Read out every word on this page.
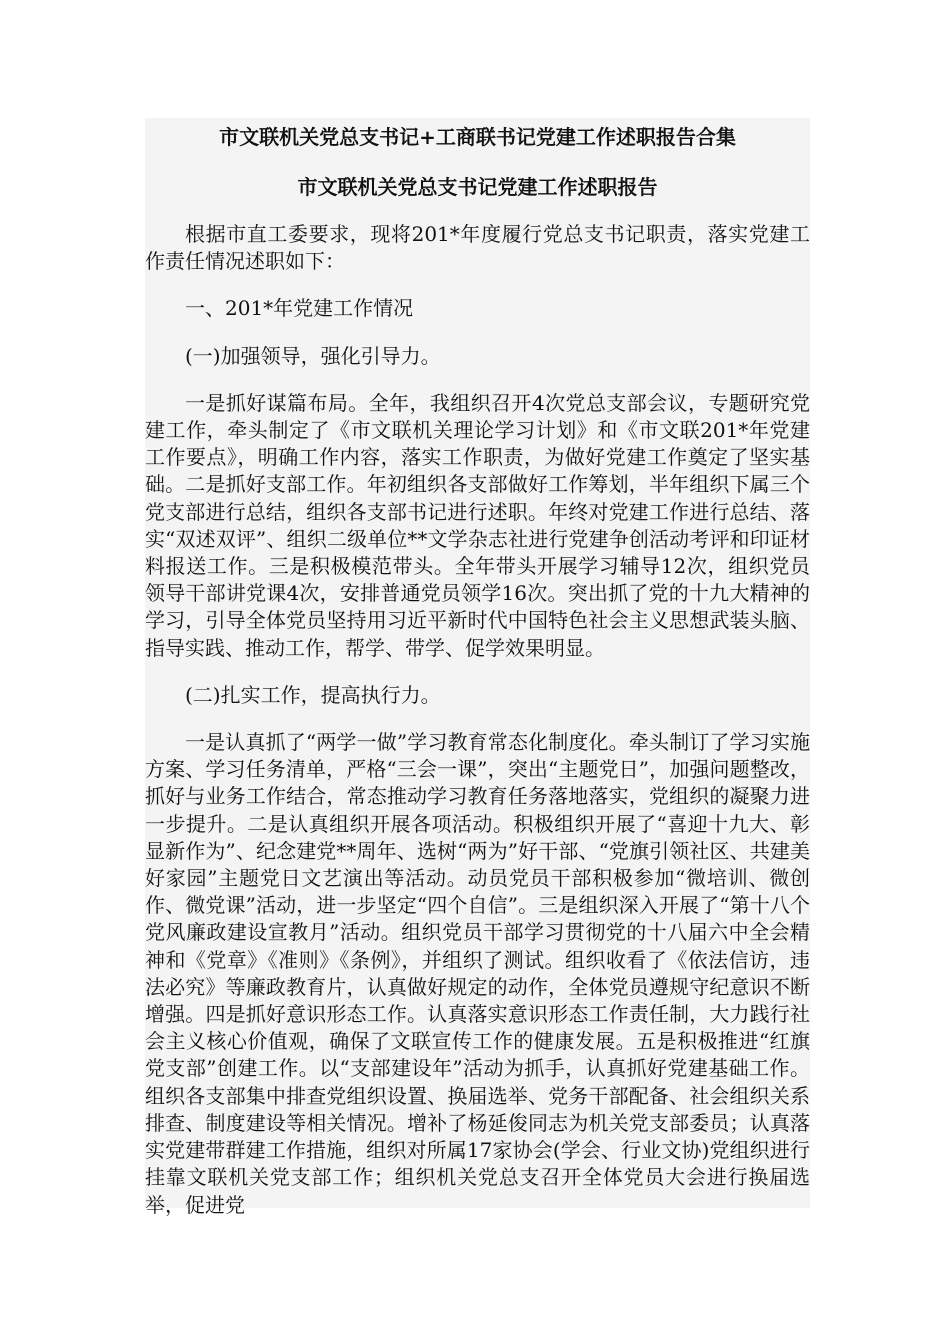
市文联机关党总支书记+工商联书记党建工作述职报告合集
市文联机关党总支书记党建工作述职报告

根据市直工委要求，现将201*年度履行党总支书记职责，落实党建工作责任情况述职如下：

一、201*年党建工作情况

(一)加强领导，强化引导力。

一是抓好谋篇布局。全年，我组织召开4次党总支部会议，专题研究党建工作，牵头制定了《市文联机关理论学习计划》和《市文联201*年党建工作要点》，明确工作内容，落实工作职责，为做好党建工作奠定了坚实基础。二是抓好支部工作。年初组织各支部做好工作筹划，半年组织下属三个党支部进行总结，组织各支部书记进行述职。年终对党建工作进行总结、落实“双述双评”、组织二级单位**文学杂志社进行党建争创活动考评和印证材料报送工作。三是积极模范带头。全年带头开展学习辅导12次，组织党员领导干部讲党课4次，安排普通党员领学16次。突出抓了党的十九大精神的学习，引导全体党员坚持用习近平新时代中国特色社会主义思想武装头脑、指导实践、推动工作，帮学、带学、促学效果明显。

(二)扎实工作，提高执行力。

一是认真抓了“两学一做”学习教育常态化制度化。牵头制订了学习实施方案、学习任务清单，严格“三会一课”，突出“主题党日”，加强问题整改，抓好与业务工作结合，常态推动学习教育任务落地落实，党组织的凝聚力进一步提升。二是认真组织开展各项活动。积极组织开展了“喜迎十九大、彰显新作为”、纪念建党**周年、选树“两为”好干部、“党旗引领社区、共建美好家园”主题党日文艺演出等活动。动员党员干部积极参加“微培训、微创作、微党课”活动，进一步坚定“四个自信”。三是组织深入开展了“第十八个党风廉政建设宣教月”活动。组织党员干部学习贯彻党的十八届六中全会精神和《党章》《准则》《条例》，并组织了测试。组织收看了《依法信访，违法必究》等廉政教育片，认真做好规定的动作，全体党员遵规守纪意识不断增强。四是抓好意识形态工作。认真落实意识形态工作责任制，大力践行社会主义核心价值观，确保了文联宣传工作的健康发展。五是积极推进“红旗党支部”创建工作。以“支部建设年”活动为抓手，认真抓好党建基础工作。组织各支部集中排查党组织设置、换届选举、党务干部配备、社会组织关系排查、制度建设等相关情况。增补了杨延俊同志为机关党支部委员；认真落实党建带群建工作措施，组织对所属17家协会(学会、行业文协)党组织进行挂靠文联机关党支部工作；组织机关党总支召开全体党员大会进行换届选举，促进党
